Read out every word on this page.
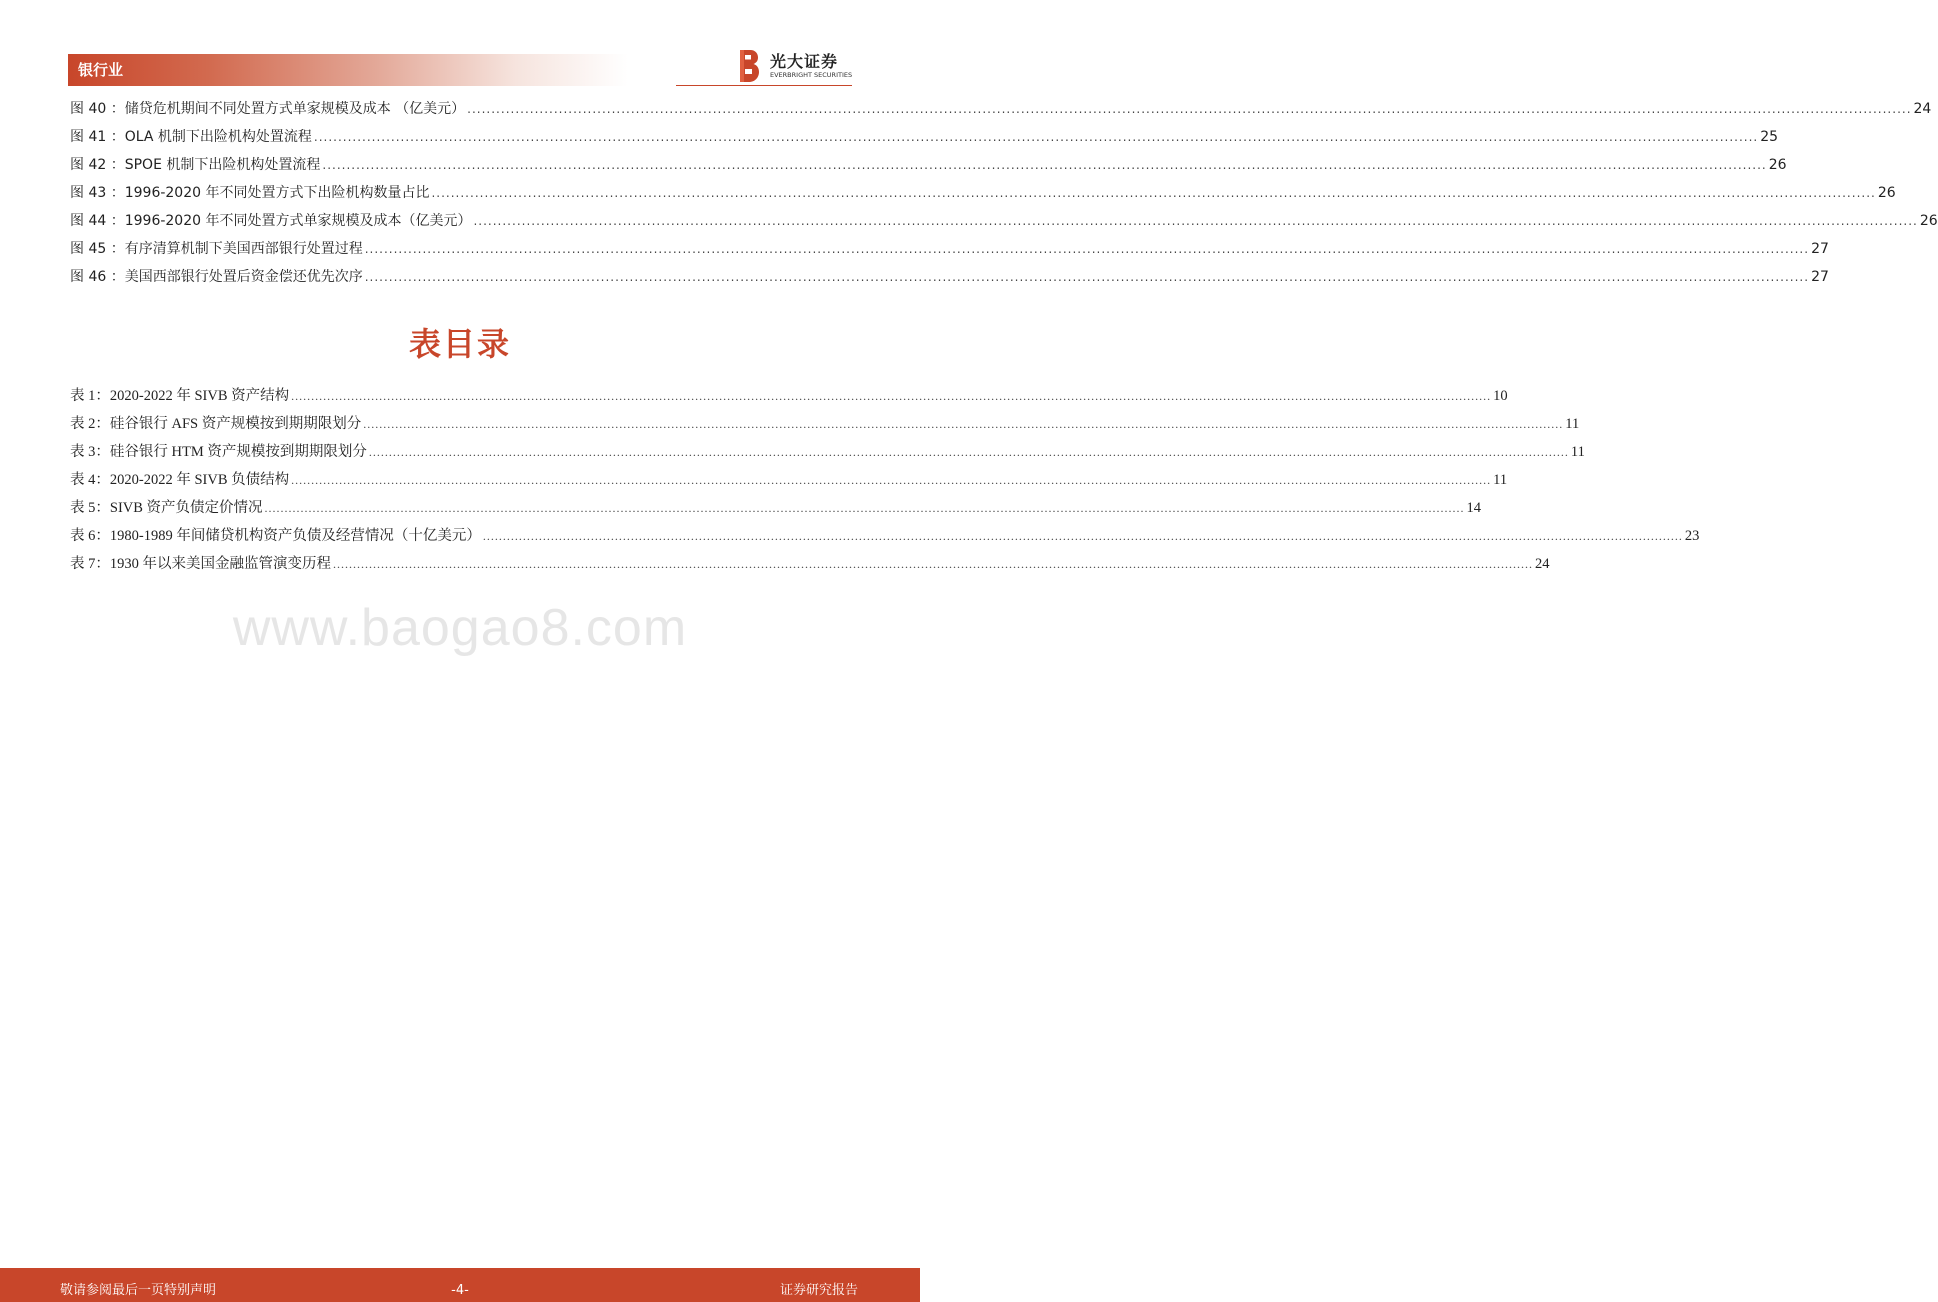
银行业	光大证券
EVERBRIGHT SECURITIES
图 40 ： 储贷危机期间不同处置方式单家规模及成本 （亿美元） ............................................................................................................................................................................................................................................................................................................ 24
图 41 ： OLA 机制下出险机构处置流程 ............................................................................................................................................................................................................................................................................................................ 25
图 42 ： SPOE 机制下出险机构处置流程 ............................................................................................................................................................................................................................................................................................................ 26
图 43 ： 1996-2020 年不同处置方式下出险机构数量占比 ............................................................................................................................................................................................................................................................................................................ 26
图 44 ： 1996-2020 年不同处置方式单家规模及成本（亿美元） ............................................................................................................................................................................................................................................................................................................ 26
图 45 ： 有序清算机制下美国西部银行处置过程 ............................................................................................................................................................................................................................................................................................................ 27
图 46 ： 美国西部银行处置后资金偿还优先次序 ............................................................................................................................................................................................................................................................................................................ 27
表目录
表 1： 2020-2022 年 SIVB 资产结构 ............................................................................................................................................................................................................................................................................................................ 10
表 2： 硅谷银行 AFS 资产规模按到期期限划分 ............................................................................................................................................................................................................................................................................................................ 11
表 3： 硅谷银行 HTM 资产规模按到期期限划分 ............................................................................................................................................................................................................................................................................................................ 11
表 4： 2020-2022 年 SIVB 负债结构 ............................................................................................................................................................................................................................................................................................................ 11
表 5： SIVB 资产负债定价情况 ............................................................................................................................................................................................................................................................................................................ 14
表 6： 1980-1989 年间储贷机构资产负债及经营情况（十亿美元） ............................................................................................................................................................................................................................................................................................................ 23
表 7： 1930 年以来美国金融监管演变历程 ............................................................................................................................................................................................................................................................................................................ 24
www.baogao8.com
敬请参阅最后一页特别声明	-4-	证券研究报告
